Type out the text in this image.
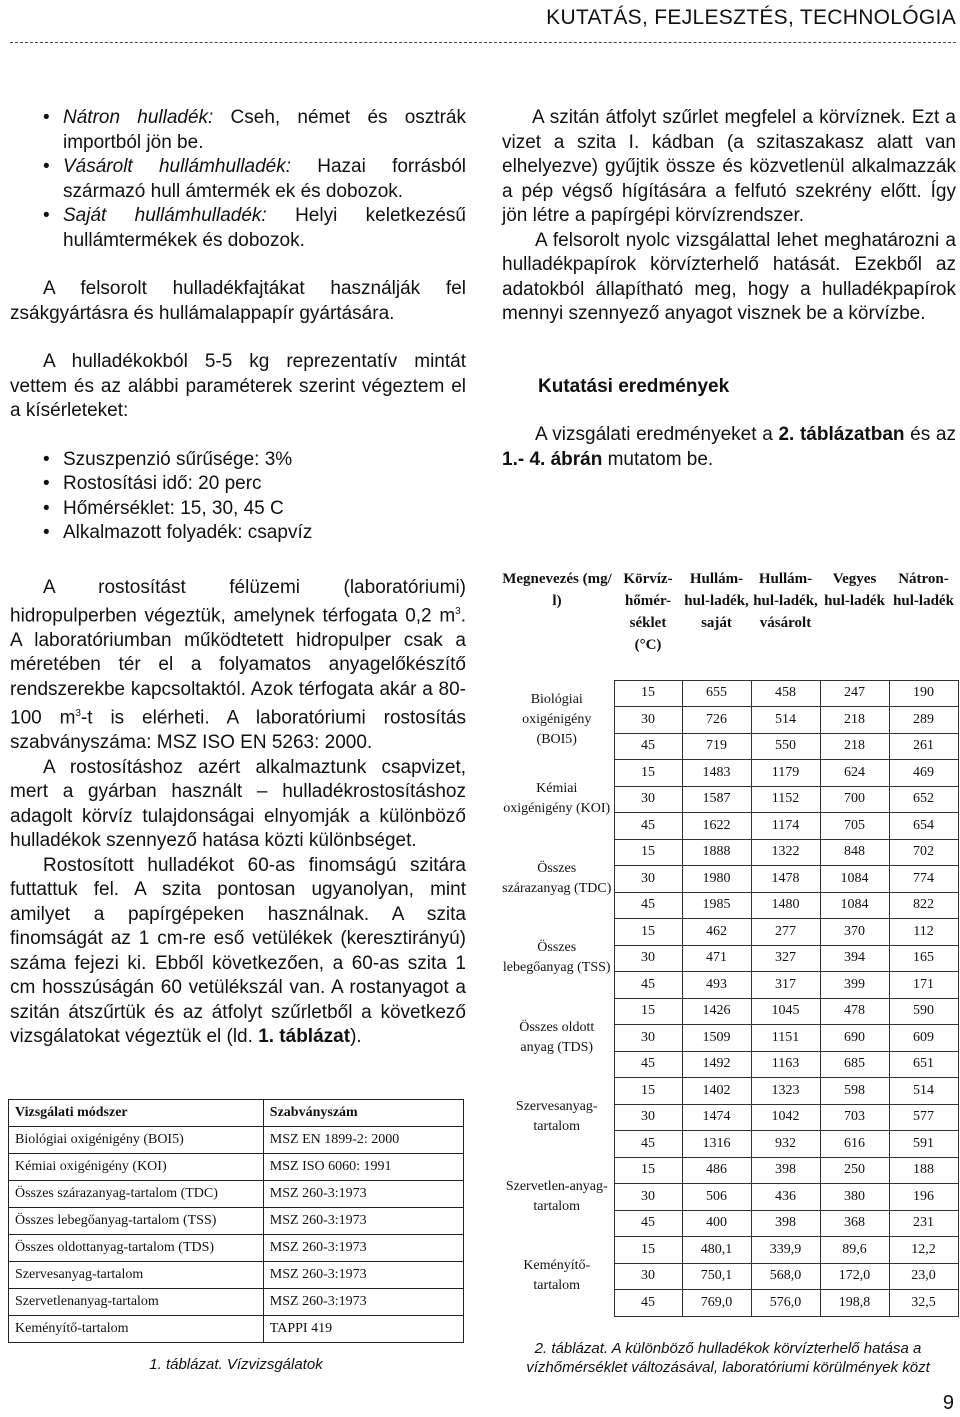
KUTATÁS, FEJLESZTÉS, TECHNOLÓGIA
• Nátron hulladék: Cseh, német és osztrák importból jön be.
• Vásárolt hullámhulladék: Hazai forrásból származó hull ámtermék ek és dobozok.
• Saját hullámhulladék: Helyi keletkezésű hullámtermékek és dobozok.

A felsorolt hulladékfajtákat használják fel zsákgyártásra és hullámalappapír gyártására.

A hulladékokból 5-5 kg reprezentatív mintát vettem és az alábbi paraméterek szerint végeztem el a kísérleteket:

• Szuszpenzió sűrűsége: 3%
• Rostosítási idő: 20 perc
• Hőmérséklet: 15, 30, 45 C
• Alkalmazott folyadék: csapvíz

A rostosítást félüzemi (laboratóriumi) hidropulperben végeztük, amelynek térfogata 0,2 $m^3$. A laboratóriumban működtetett hidropulper csak a méretében tér el a folyamatos anyagelőkészítő rendszerekbe kapcsoltaktól. Azok térfogata akár a 80-100 $m^3-t$ is elérheti. A laboratóriumi rostosítás szabványszáma: MSZ ISO EN 5263: 2000.

A rostosításhoz azért alkalmaztunk csapvizet, mert a gyárban használt – hulladékrostosításhoz adagolt körvíz tulajdonságai elnyomják a különböző hulladékok szennyező hatása közti különbséget.

Rostosított hulladékot 60-as finomságú szitára futtattuk fel. A szita pontosan ugyanolyan, mint amilyet a papírgépeken használnak. A szita finomságát az 1 cm-re eső vetülékek (keresztirányú) száma fejezi ki. Ebből következően, a 60-as szita 1 cm hosszúságán 60 vetülékszál van. A rostanyagot a szitán átszűrtük és az átfolyt szűrletből a következő vizsgálatokat végeztük el (ld. 1. táblázat).

Vizsgálati módszer	Szabványszám
Biológiai oxigénigény (BOI5)	MSZ EN 1899-2: 2000
Kémiai oxigénigény (KOI)	MSZ ISO 6060: 1991
Összes szárazanyag-tartalom (TDC)	MSZ 260-3:1973
Összes lebegőanyag-tartalom (TSS)	MSZ 260-3:1973
Összes oldottanyag-tartalom (TDS)	MSZ 260-3:1973
Szervesanyag-tartalom	MSZ 260-3:1973
Szervetlenanyag-tartalom	MSZ 260-3:1973
Keményítő-tartalom	TAPPI 419
1. táblázat. Vízvizsgálatok

A szitán átfolyt szűrlet megfelel a körvíznek. Ezt a vizet a szita I. kádban (a szitaszakasz alatt van elhelyezve) gyűjtik össze és közvetlenül alkalmazzák a pép végső hígítására a felfutó szekrény előtt. Így jön létre a papírgépi körvízrendszer.

A felsorolt nyolc vizsgálattal lehet meghatározni a hulladékpapírok körvízterhelő hatását. Ezekből az adatokból állapítható meg, hogy a hulladékpapírok mennyi szennyező anyagot visznek be a körvízbe.

Kutatási eredmények

A vizsgálati eredményeket a 2. táblázatban és az 1.- 4. ábrán mutatom be.

Megnevezés (mg/ l)	Körvíz-hőmér-séklet (°C)	Hullám-hul-ladék, saját	Hullám-hul-ladék, vásárolt	Vegyes hul-ladék	Nátron-hul-ladék
Biológiai oxigénigény (BOI5)	15	655	458	247	190
	30	726	514	218	289
	45	719	550	218	261
Kémiai oxigénigény (KOI)	15	1483	1179	624	469
	30	1587	1152	700	652
	45	1622	1174	705	654
Összes szárazanyag (TDC)	15	1888	1322	848	702
	30	1980	1478	1084	774
	45	1985	1480	1084	822
Összes lebegőanyag (TSS)	15	462	277	370	112
	30	471	327	394	165
	45	493	317	399	171
Összes oldott anyag (TDS)	15	1426	1045	478	590
	30	1509	1151	690	609
	45	1492	1163	685	651
Szervesanyag-tartalom	15	1402	1323	598	514
	30	1474	1042	703	577
	45	1316	932	616	591
Szervetlen-anyag-tartalom	15	486	398	250	188
	30	506	436	380	196
	45	400	398	368	231
Keményítő-tartalom	15	480,1	339,9	89,6	12,2
	30	750,1	568,0	172,0	23,0
	45	769,0	576,0	198,8	32,5
2. táblázat. A különböző hulladékok körvízterhelő hatása a vízhőmérséklet változásával, laboratóriumi körülmények közt
9
